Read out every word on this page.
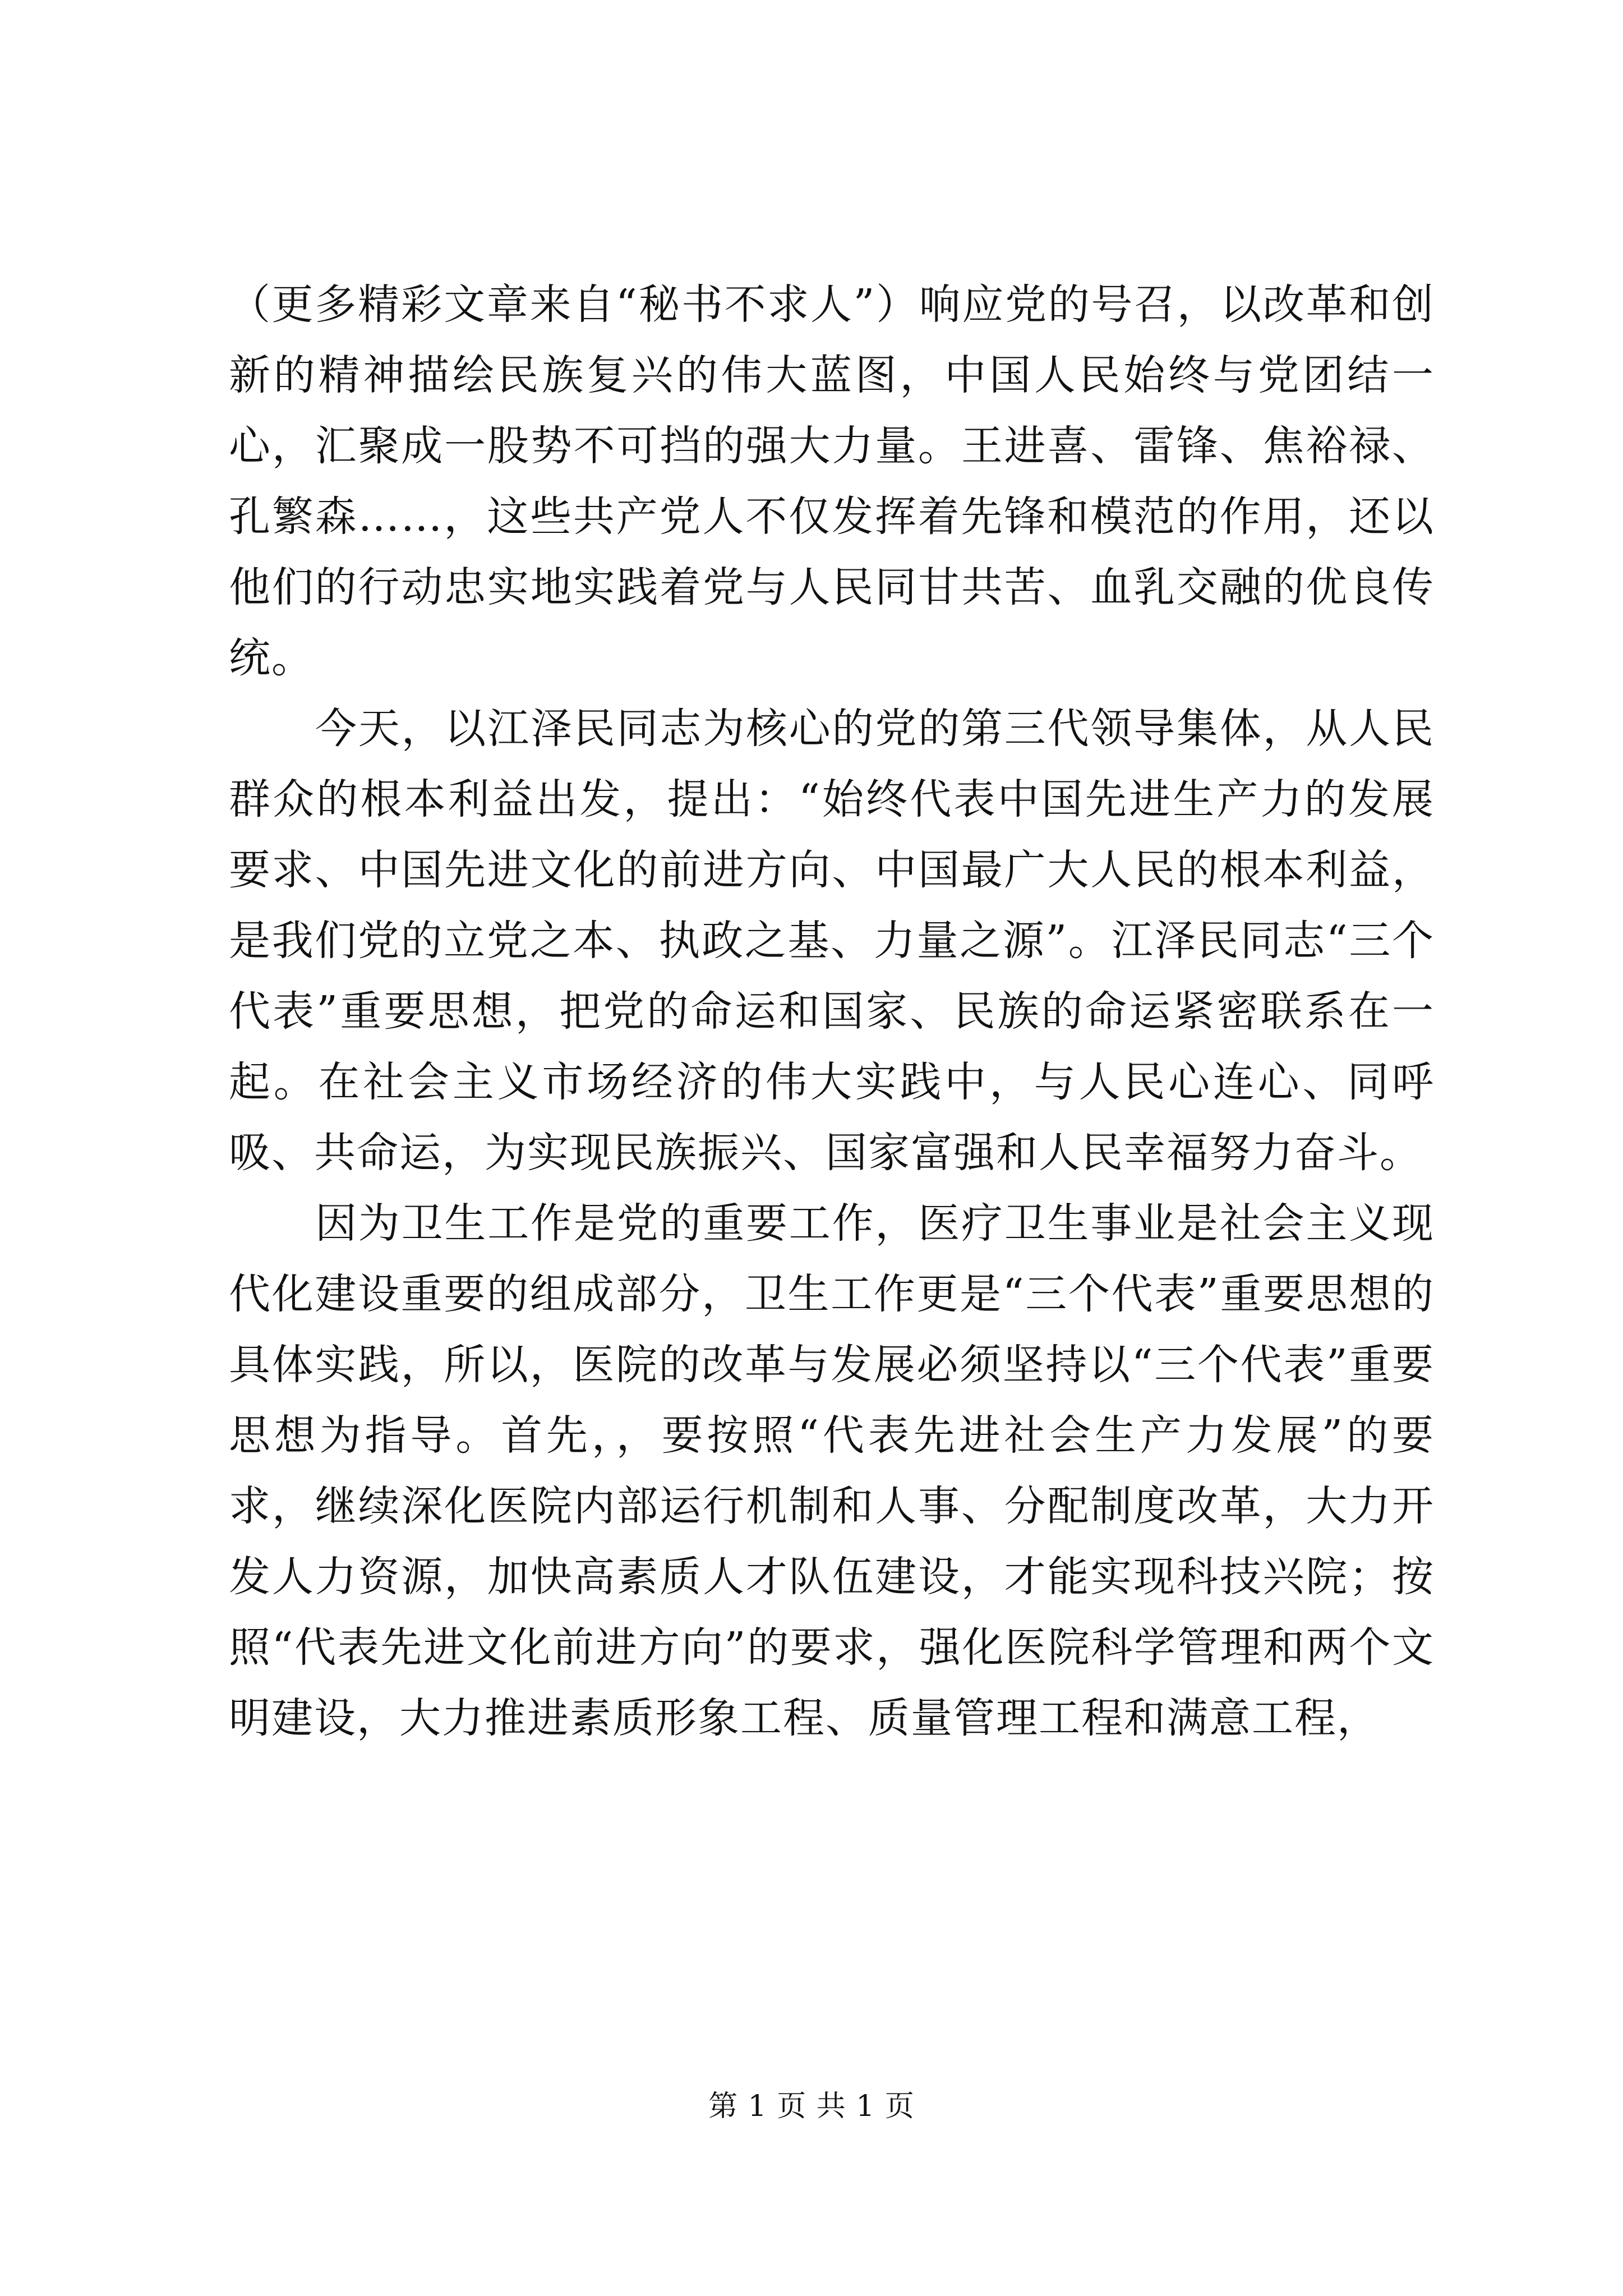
（更多精彩文章来自“秘书不求人”）响应党的号召，以改革和创新的精神描绘民族复兴的伟大蓝图，中国人民始终与党团结一心，汇聚成一股势不可挡的强大力量。王进喜、雷锋、焦裕禄、孔繁森……，这些共产党人不仅发挥着先锋和模范的作用，还以他们的行动忠实地实践着党与人民同甘共苦、血乳交融的优良传统。

今天，以江泽民同志为核心的党的第三代领导集体，从人民群众的根本利益出发，提出：“始终代表中国先进生产力的发展要求、中国先进文化的前进方向、中国最广大人民的根本利益，是我们党的立党之本、执政之基、力量之源”。江泽民同志“三个代表”重要思想，把党的命运和国家、民族的命运紧密联系在一起。在社会主义市场经济的伟大实践中，与人民心连心、同呼吸、共命运，为实现民族振兴、国家富强和人民幸福努力奋斗。

因为卫生工作是党的重要工作，医疗卫生事业是社会主义现代化建设重要的组成部分，卫生工作更是“三个代表”重要思想的具体实践，所以，医院的改革与发展必须坚持以“三个代表”重要思想为指导。首先，，要按照“代表先进社会生产力发展”的要求，继续深化医院内部运行机制和人事、分配制度改革，大力开发人力资源，加快高素质人才队伍建设，才能实现科技兴院；按照“代表先进文化前进方向”的要求，强化医院科学管理和两个文明建设，大力推进素质形象工程、质量管理工程和满意工程，

第 1 页 共 1 页
